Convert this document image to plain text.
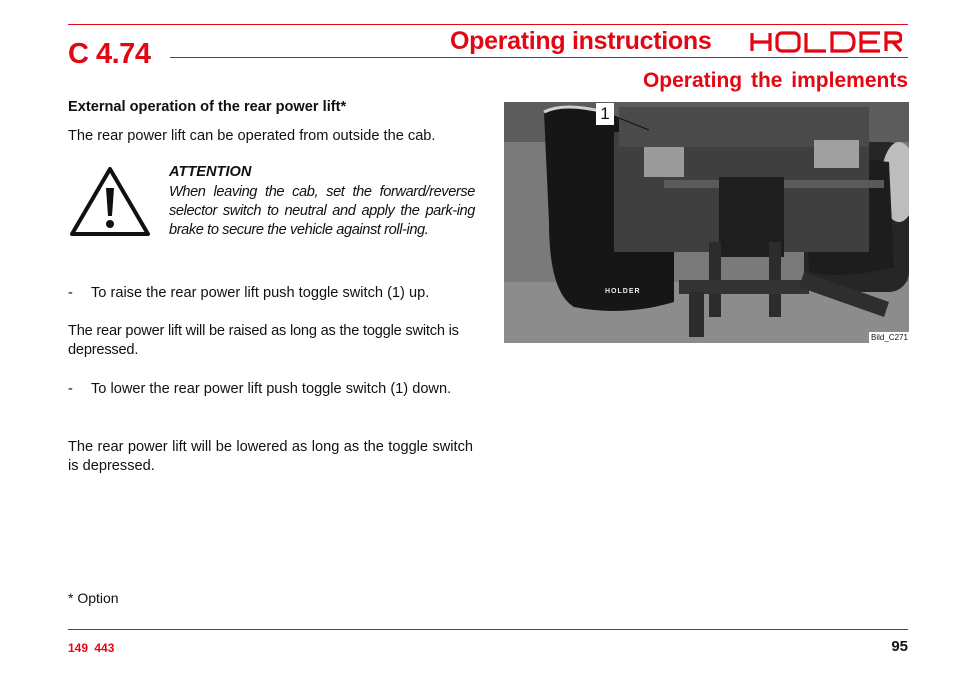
C 4.74	Operating instructions
Operating the implements
External operation of the rear power lift*
The rear power lift can be operated from outside the cab.
ATTENTION
When leaving the cab, set the forward/reverse selector switch to neutral and apply the park-ing brake to secure the vehicle against roll-ing.
- To raise the rear power lift push toggle switch (1) up.
The rear power lift will be raised as long as the toggle switch is depressed.
- To lower the rear power lift push toggle switch (1) down.
The rear power lift will be lowered as long as the toggle switch is depressed.
* Option
1
HOLDER
Bild_C271
149 443	95
